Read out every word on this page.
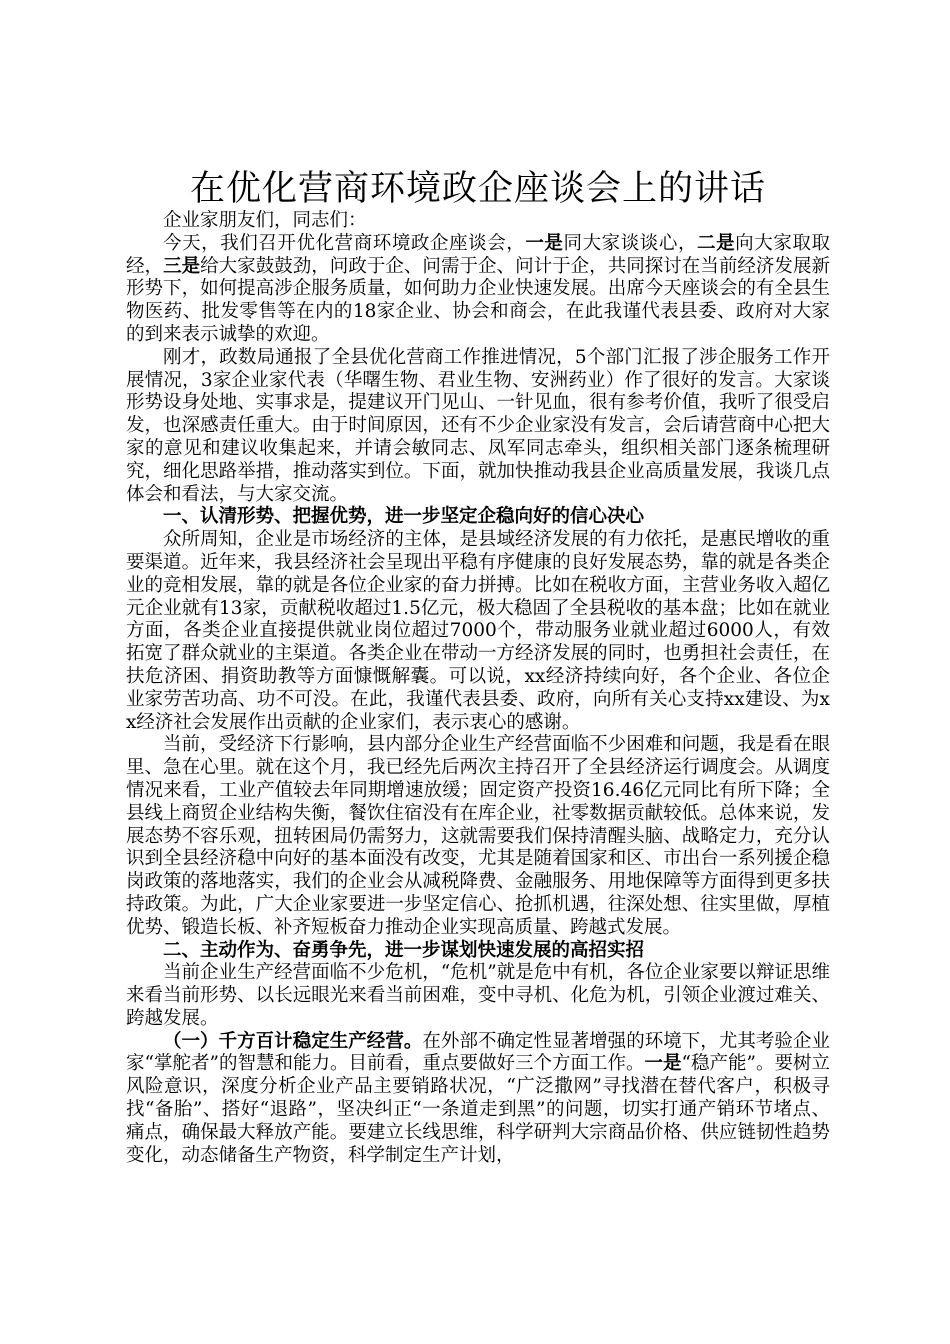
在优化营商环境政企座谈会上的讲话

企业家朋友们，同志们：

今天，我们召开优化营商环境政企座谈会，一是同大家谈谈心，二是向大家取取经，三是给大家鼓鼓劲，问政于企、问需于企、问计于企，共同探讨在当前经济发展新形势下，如何提高涉企服务质量，如何助力企业快速发展。出席今天座谈会的有全县生物医药、批发零售等在内的18家企业、协会和商会，在此我谨代表县委、政府对大家的到来表示诚挚的欢迎。

刚才，政数局通报了全县优化营商工作推进情况，5个部门汇报了涉企服务工作开展情况，3家企业家代表（华曙生物、君业生物、安洲药业）作了很好的发言。大家谈形势设身处地、实事求是，提建议开门见山、一针见血，很有参考价值，我听了很受启发，也深感责任重大。由于时间原因，还有不少企业家没有发言，会后请营商中心把大家的意见和建议收集起来，并请会敏同志、凤军同志牵头，组织相关部门逐条梳理研究，细化思路举措，推动落实到位。下面，就加快推动我县企业高质量发展，我谈几点体会和看法，与大家交流。

一、认清形势、把握优势，进一步坚定企稳向好的信心决心

众所周知，企业是市场经济的主体，是县域经济发展的有力依托，是惠民增收的重要渠道。近年来，我县经济社会呈现出平稳有序健康的良好发展态势，靠的就是各类企业的竞相发展，靠的就是各位企业家的奋力拼搏。比如在税收方面，主营业务收入超亿元企业就有13家，贡献税收超过1.5亿元，极大稳固了全县税收的基本盘；比如在就业方面，各类企业直接提供就业岗位超过7000个，带动服务业就业超过6000人，有效拓宽了群众就业的主渠道。各类企业在带动一方经济发展的同时，也勇担社会责任，在扶危济困、捐资助教等方面慷慨解囊。可以说，xx经济持续向好，各个企业、各位企业家劳苦功高、功不可没。在此，我谨代表县委、政府，向所有关心支持xx建设、为xx经济社会发展作出贡献的企业家们，表示衷心的感谢。

当前，受经济下行影响，县内部分企业生产经营面临不少困难和问题，我是看在眼里、急在心里。就在这个月，我已经先后两次主持召开了全县经济运行调度会。从调度情况来看，工业产值较去年同期增速放缓；固定资产投资16.46亿元同比有所下降；全县线上商贸企业结构失衡，餐饮住宿没有在库企业，社零数据贡献较低。总体来说，发展态势不容乐观，扭转困局仍需努力，这就需要我们保持清醒头脑、战略定力，充分认识到全县经济稳中向好的基本面没有改变，尤其是随着国家和区、市出台一系列援企稳岗政策的落地落实，我们的企业会从减税降费、金融服务、用地保障等方面得到更多扶持政策。为此，广大企业家要进一步坚定信心、抢抓机遇，往深处想、往实里做，厚植优势、锻造长板、补齐短板奋力推动企业实现高质量、跨越式发展。

二、主动作为、奋勇争先，进一步谋划快速发展的高招实招

当前企业生产经营面临不少危机，“危机”就是危中有机，各位企业家要以辩证思维来看当前形势、以长远眼光来看当前困难，变中寻机、化危为机，引领企业渡过难关、跨越发展。

（一）千方百计稳定生产经营。在外部不确定性显著增强的环境下，尤其考验企业家“掌舵者”的智慧和能力。目前看，重点要做好三个方面工作。一是“稳产能”。要树立风险意识，深度分析企业产品主要销路状况，“广泛撒网”寻找潜在替代客户，积极寻找“备胎”、搭好“退路”，坚决纠正“一条道走到黑”的问题，切实打通产销环节堵点、痛点，确保最大释放产能。要建立长线思维，科学研判大宗商品价格、供应链韧性趋势变化，动态储备生产物资，科学制定生产计划，
